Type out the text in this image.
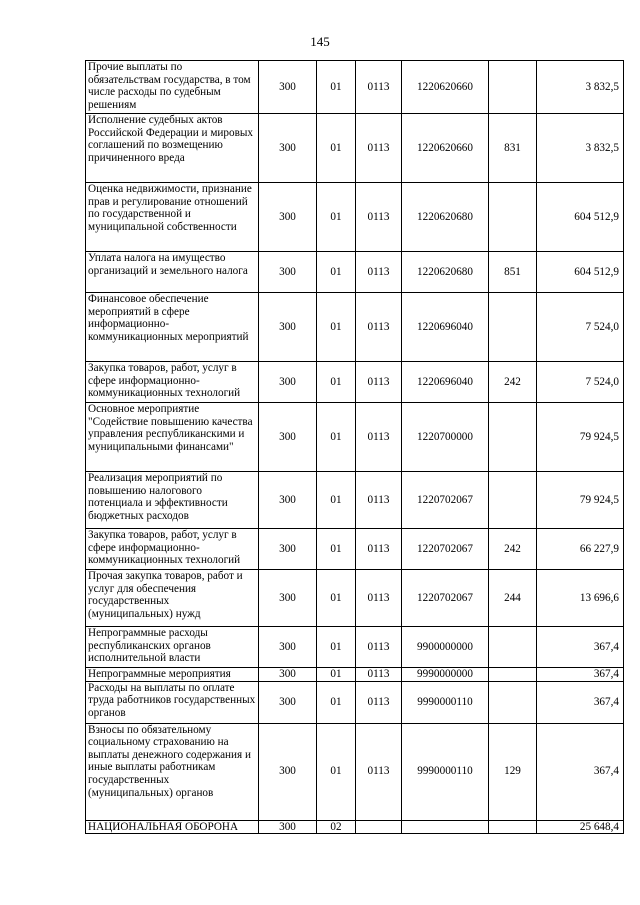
145
Прочие выплаты по обязательствам государства, в том числе расходы по судебным решениям	300	01	0113	1220620660		3 832,5
Исполнение судебных актов Российской Федерации и мировых соглашений по возмещению причиненного вреда	300	01	0113	1220620660	831	3 832,5
Оценка недвижимости, признание прав и регулирование отношений по государственной и муниципальной собственности	300	01	0113	1220620680		604 512,9
Уплата налога на имущество организаций и земельного налога	300	01	0113	1220620680	851	604 512,9
Финансовое обеспечение мероприятий в сфере информационно-коммуникационных мероприятий	300	01	0113	1220696040		7 524,0
Закупка товаров, работ, услуг в сфере информационно-коммуникационных технологий	300	01	0113	1220696040	242	7 524,0
Основное мероприятие "Содействие повышению качества управления республиканскими и муниципальными финансами"	300	01	0113	1220700000		79 924,5
Реализация мероприятий по повышению налогового потенциала и эффективности бюджетных расходов	300	01	0113	1220702067		79 924,5
Закупка товаров, работ, услуг в сфере информационно-коммуникационных технологий	300	01	0113	1220702067	242	66 227,9
Прочая закупка товаров, работ и услуг для обеспечения государственных (муниципальных) нужд	300	01	0113	1220702067	244	13 696,6
Непрограммные расходы республиканских органов исполнительной власти	300	01	0113	9900000000		367,4
Непрограммные мероприятия	300	01	0113	9990000000		367,4
Расходы на выплаты по оплате труда работников государственных органов	300	01	0113	9990000110		367,4
Взносы по обязательному социальному страхованию на выплаты денежного содержания и иные выплаты работникам государственных (муниципальных) органов	300	01	0113	9990000110	129	367,4
НАЦИОНАЛЬНАЯ ОБОРОНА	300	02				25 648,4
